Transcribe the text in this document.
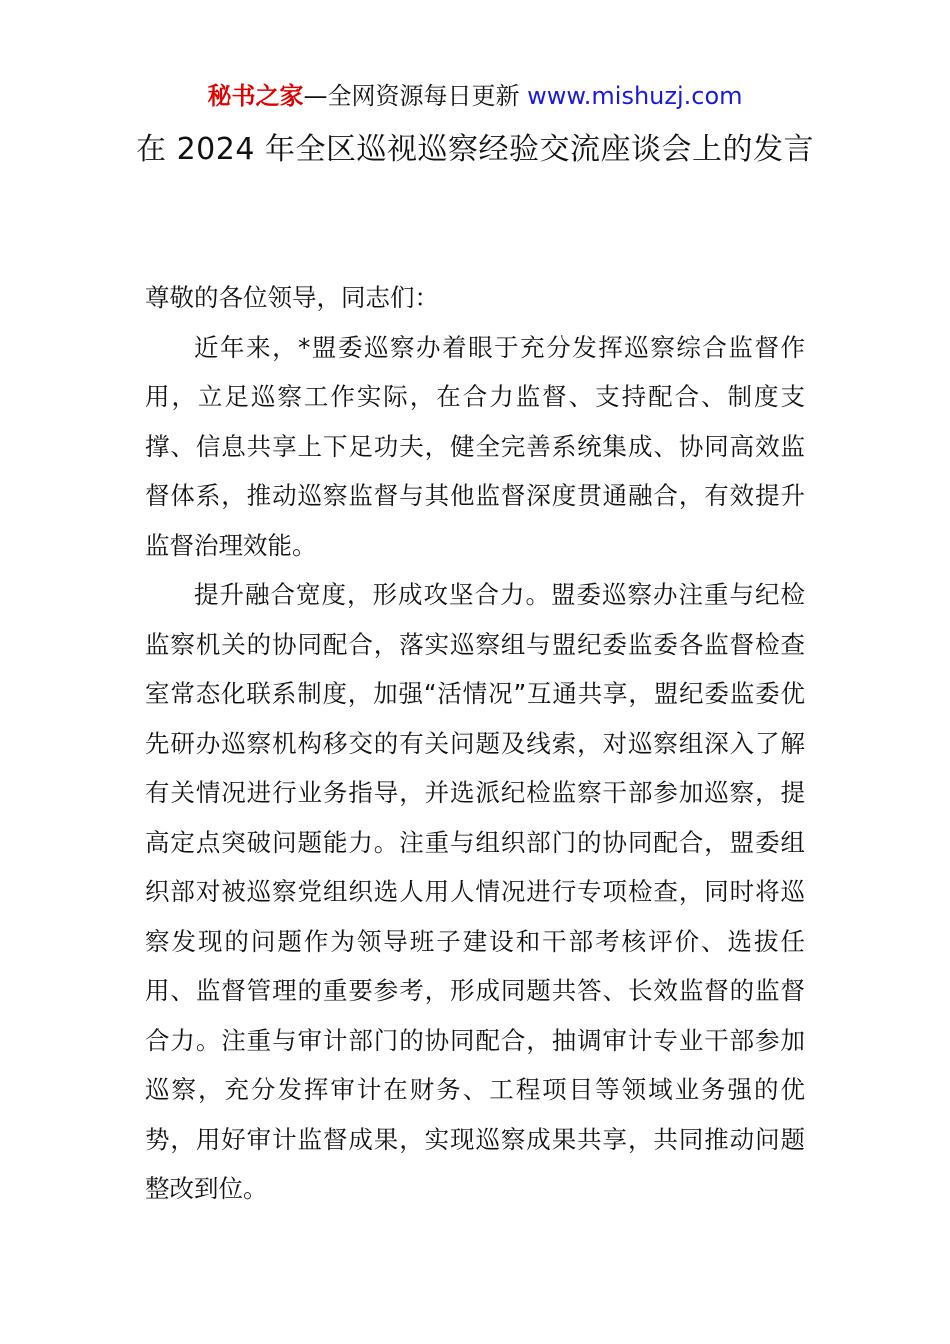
秘书之家—全网资源每日更新 www.mishuzj.com
在 2024 年全区巡视巡察经验交流座谈会上的发言

尊敬的各位领导，同志们：

近年来，*盟委巡察办着眼于充分发挥巡察综合监督作用，立足巡察工作实际，在合力监督、支持配合、制度支撑、信息共享上下足功夫，健全完善系统集成、协同高效监督体系，推动巡察监督与其他监督深度贯通融合，有效提升监督治理效能。

提升融合宽度，形成攻坚合力。盟委巡察办注重与纪检监察机关的协同配合，落实巡察组与盟纪委监委各监督检查室常态化联系制度，加强“活情况”互通共享，盟纪委监委优先研办巡察机构移交的有关问题及线索，对巡察组深入了解有关情况进行业务指导，并选派纪检监察干部参加巡察，提高定点突破问题能力。注重与组织部门的协同配合，盟委组织部对被巡察党组织选人用人情况进行专项检查，同时将巡察发现的问题作为领导班子建设和干部考核评价、选拔任用、监督管理的重要参考，形成同题共答、长效监督的监督合力。注重与审计部门的协同配合，抽调审计专业干部参加巡察，充分发挥审计在财务、工程项目等领域业务强的优势，用好审计监督成果，实现巡察成果共享，共同推动问题整改到位。
